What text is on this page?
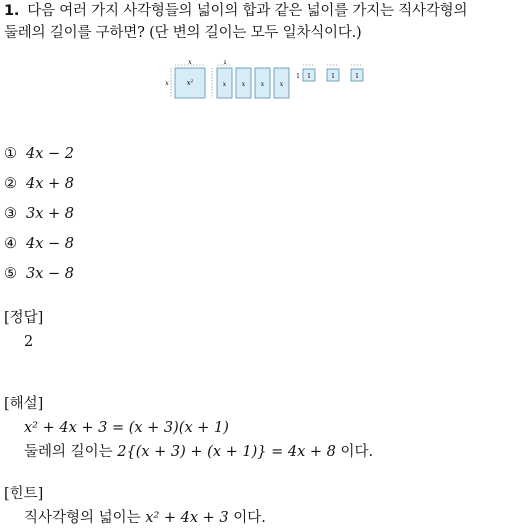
1. 다음 여러 가지 사각형들의 넓이의 합과 같은 넓이를 가지는 직사각형의
둘레의 길이를 구하면? (단 변의 길이는 모두 일차식이다.)
x
x	x²
1
x	x	x	x
1 1	1	1
① 4x − 2
② 4x + 8
③ 3x + 8
④ 4x − 8
⑤ 3x − 8
[정답]
2
[해설]
x² + 4x + 3 = (x + 3)(x + 1)
둘레의 길이는 2{(x + 3) + (x + 1)} = 4x + 8 이다.
[힌트]
직사각형의 넓이는 x² + 4x + 3 이다.
